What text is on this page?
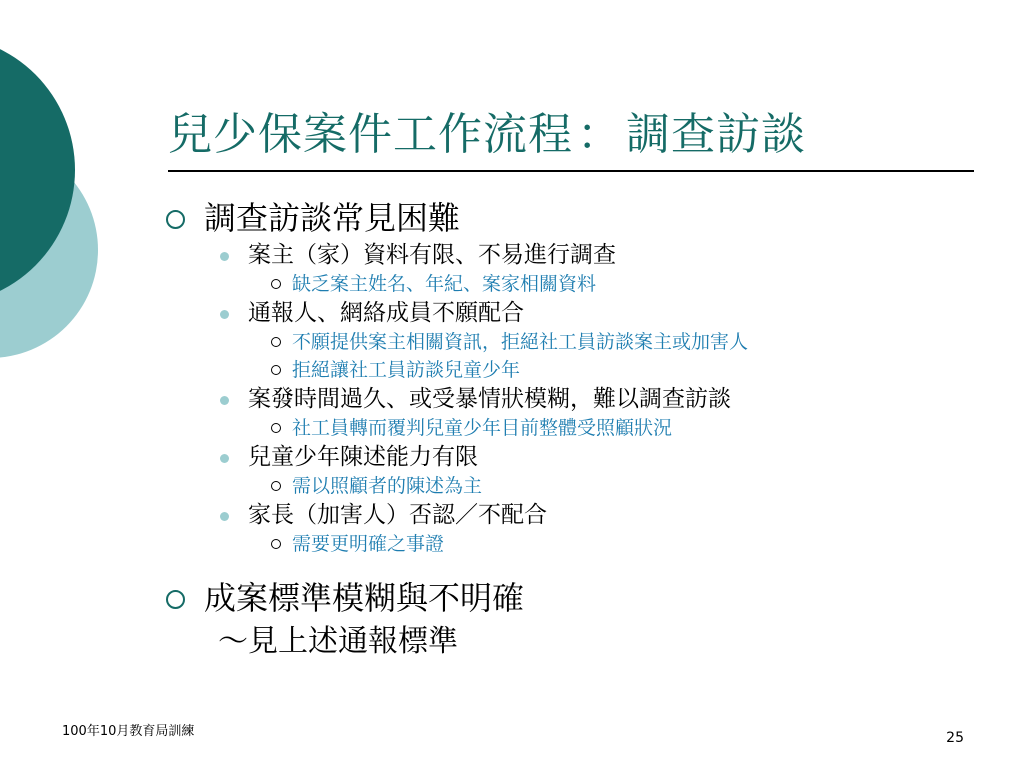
兒少保案件工作流程：調查訪談
調查訪談常見困難
案主（家）資料有限、不易進行調查
缺乏案主姓名、年紀、案家相關資料
通報人、網絡成員不願配合
不願提供案主相關資訊，拒絕社工員訪談案主或加害人
拒絕讓社工員訪談兒童少年
案發時間過久、或受暴情狀模糊，難以調查訪談
社工員轉而覆判兒童少年目前整體受照顧狀況
兒童少年陳述能力有限
需以照顧者的陳述為主
家長（加害人）否認／不配合
需要更明確之事證
成案標準模糊與不明確
～見上述通報標準
100年10月教育局訓練	25
